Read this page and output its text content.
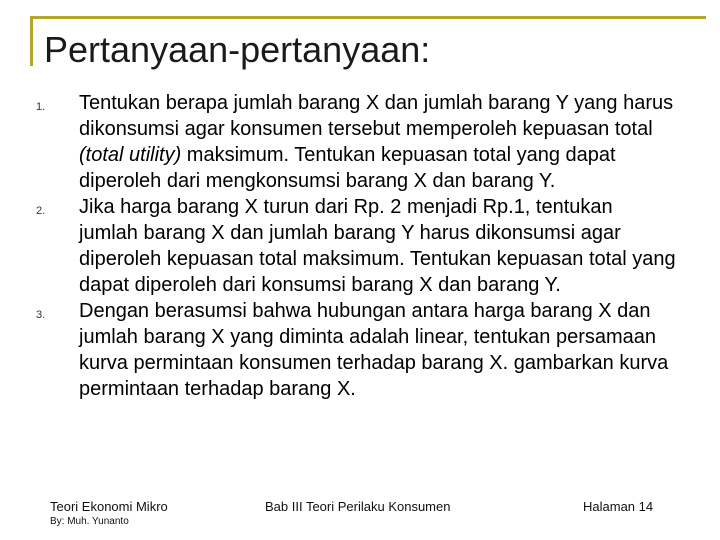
Pertanyaan-pertanyaan:
1. Tentukan berapa jumlah barang X dan jumlah barang Y yang harus dikonsumsi agar konsumen tersebut memperoleh kepuasan total (total utility) maksimum. Tentukan kepuasan total yang dapat diperoleh dari mengkonsumsi barang X dan barang Y.
2. Jika harga barang X turun dari Rp. 2 menjadi Rp.1, tentukan jumlah barang X dan jumlah barang Y harus dikonsumsi agar diperoleh kepuasan total maksimum. Tentukan kepuasan total yang dapat diperoleh dari konsumsi barang X dan barang Y.
3. Dengan berasumsi bahwa hubungan antara harga barang X dan jumlah barang X yang diminta adalah linear, tentukan persamaan kurva permintaan konsumen terhadap barang X. gambarkan kurva permintaan terhadap barang X.
Teori Ekonomi Mikro
By: Muh. Yunanto
Bab III Teori Perilaku Konsumen	Halaman 14
